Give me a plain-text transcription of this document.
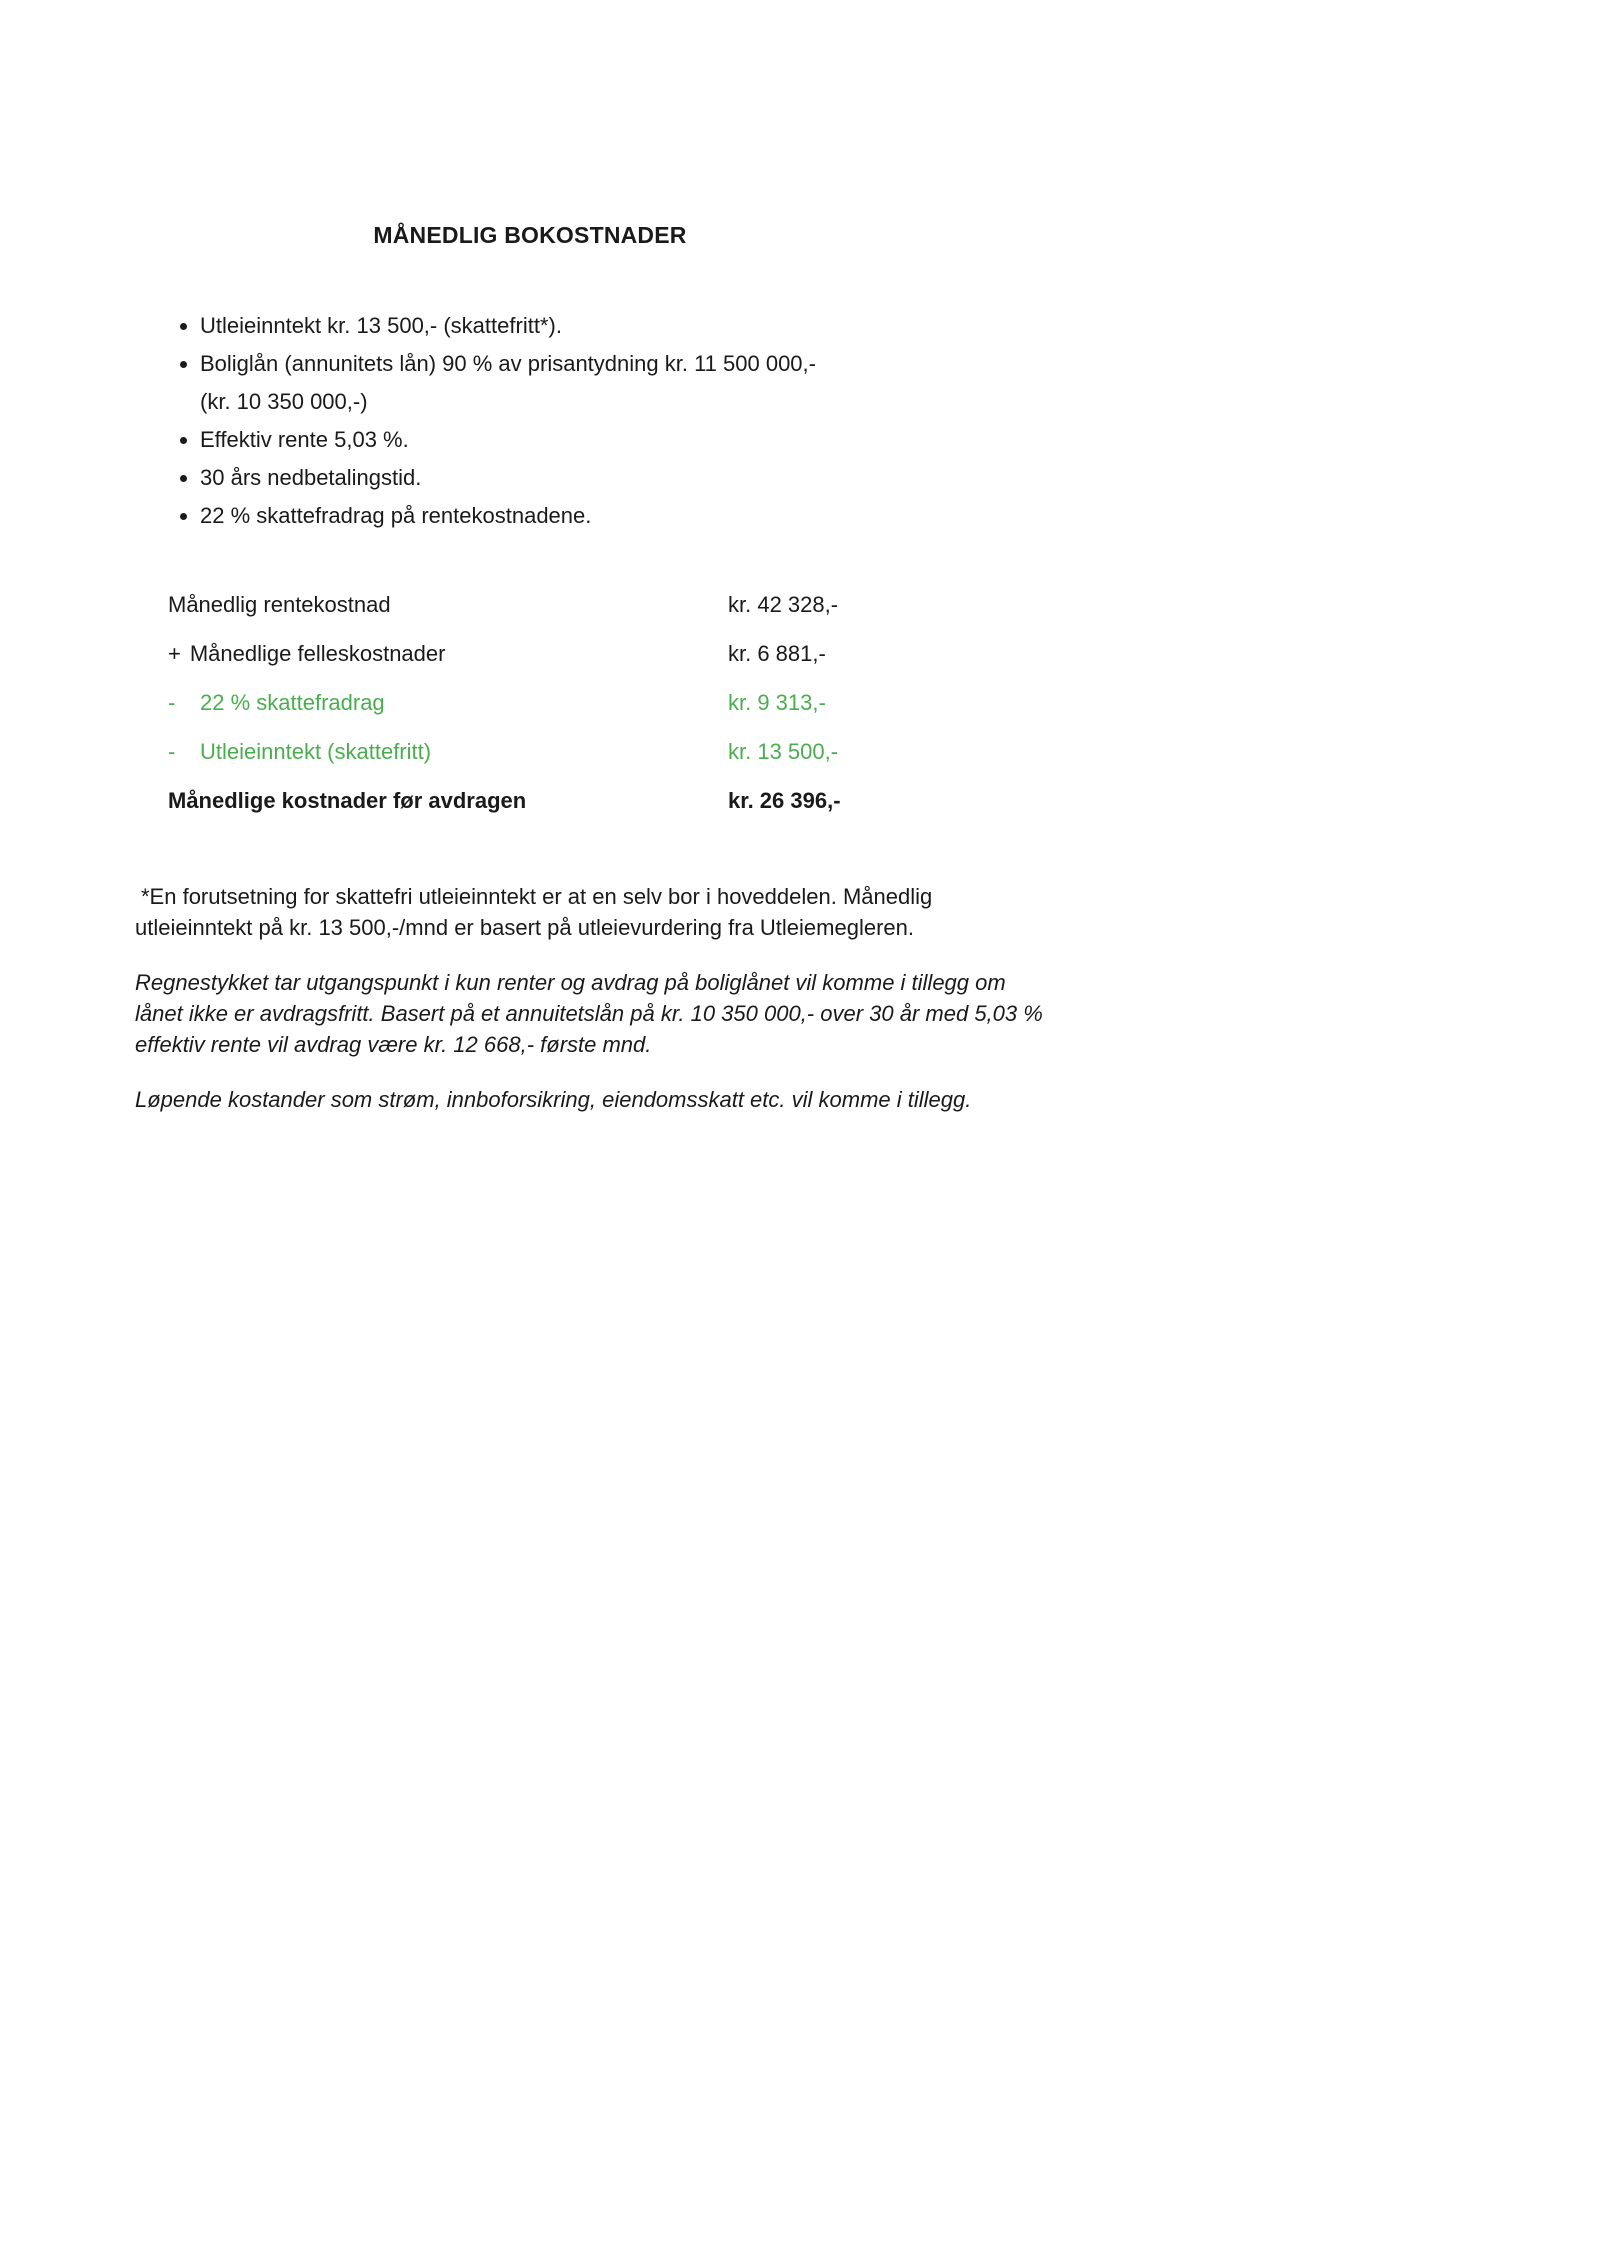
MÅNEDLIG BOKOSTNADER
• Utleieinntekt kr. 13 500,- (skattefritt*).
• Boliglån (annunitets lån) 90 % av prisantydning kr. 11 500 000,-
(kr. 10 350 000,-)
• Effektiv rente 5,03 %.
• 30 års nedbetalingstid.
• 22 % skattefradrag på rentekostnadene.
Månedlig rentekostnad	kr. 42 328,-
+ Månedlige felleskostnader	kr. 6 881,-
-	22 % skattefradrag	kr. 9 313,-
-	Utleieinntekt (skattefritt)	kr. 13 500,-
Månedlige kostnader før avdragen	kr. 26 396,-
*En forutsetning for skattefri utleieinntekt er at en selv bor i hoveddelen. Månedlig
utleieinntekt på kr. 13 500,-/mnd er basert på utleievurdering fra Utleiemegleren.
Regnestykket tar utgangspunkt i kun renter og avdrag på boliglånet vil komme i tillegg om
lånet ikke er avdragsfritt. Basert på et annuitetslån på kr. 10 350 000,- over 30 år med 5,03 %
effektiv rente vil avdrag være kr. 12 668,- første mnd.
Løpende kostander som strøm, innboforsikring, eiendomsskatt etc. vil komme i tillegg.
